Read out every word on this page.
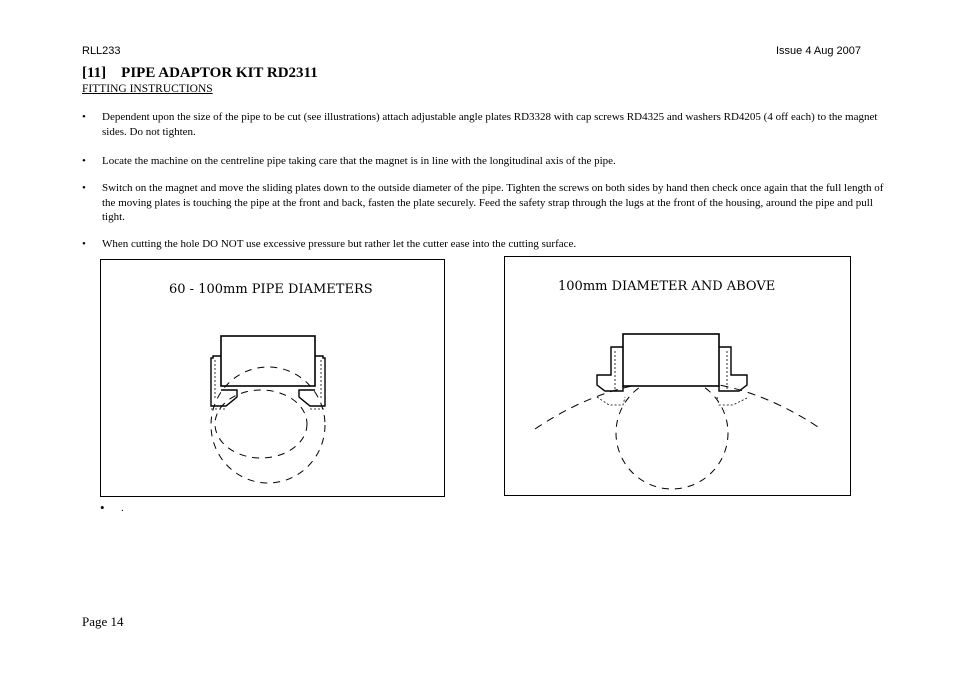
RLL233	Issue 4 Aug 2007
[11] PIPE ADAPTOR KIT RD2311
FITTING INSTRUCTIONS
• Dependent upon the size of the pipe to be cut (see illustrations) attach adjustable angle plates RD3328 with cap screws RD4325 and washers RD4205 (4 off each) to the magnet sides. Do not tighten.
• Locate the machine on the centreline pipe taking care that the magnet is in line with the longitudinal axis of the pipe.
• Switch on the magnet and move the sliding plates down to the outside diameter of the pipe. Tighten the screws on both sides by hand then check once again that the full length of the moving plates is touching the pipe at the front and back, fasten the plate securely. Feed the safety strap through the lugs at the front of the housing, around the pipe and pull tight.
• When cutting the hole DO NOT use excessive pressure but rather let the cutter ease into the cutting surface.
60 - 100mm PIPE DIAMETERS	100mm DIAMETER AND ABOVE
• .
Page 14
